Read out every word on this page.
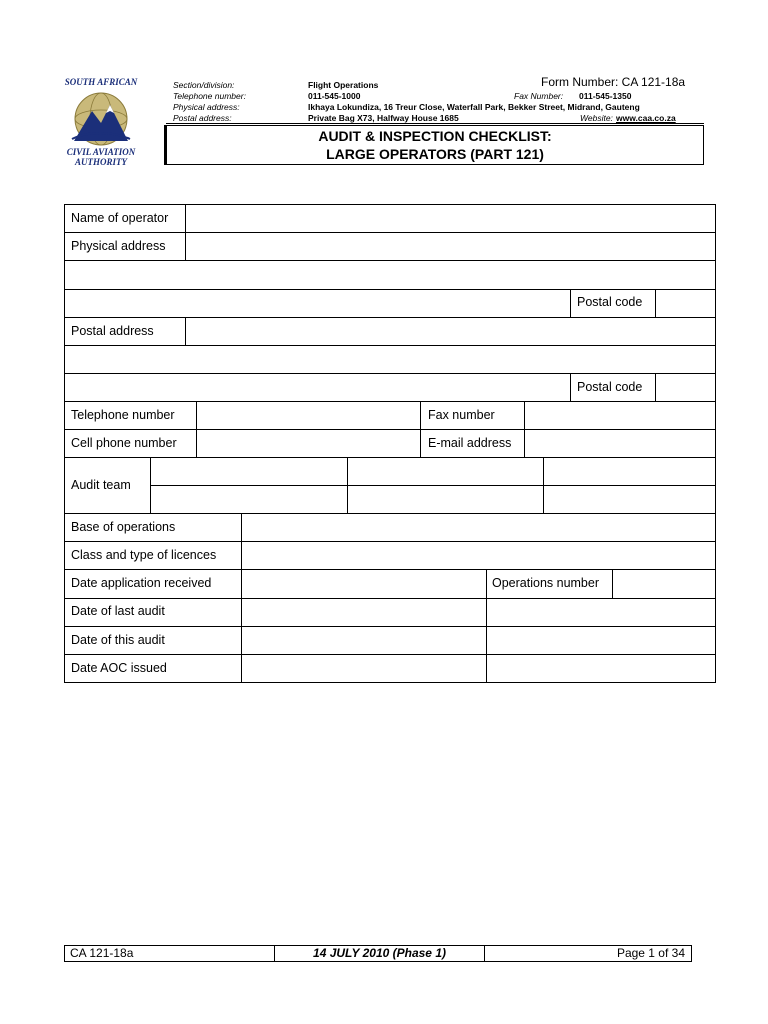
SOUTH AFRICAN
CIVIL AVIATION
AUTHORITY
Section/division:	Flight Operations
Telephone number:	011-545-1000
Physical address:	Ikhaya Lokundiza, 16 Treur Close, Waterfall Park, Bekker Street, Midrand, Gauteng
Postal address:	Private Bag X73, Halfway House 1685
Form Number: CA 121-18a
Fax Number: 011-545-1350
Website: www.caa.co.za
AUDIT & INSPECTION CHECKLIST:
LARGE OPERATORS (PART 121)
Name of operator
Physical address
Postal code
Postal address
Postal code
Telephone number	Fax number
Cell phone number	E-mail address
Audit team
Base of operations
Class and type of licences
Date application received	Operations number
Date of last audit
Date of this audit
Date AOC issued
CA 121-18a	14 JULY 2010 (Phase 1)	Page 1 of 34
